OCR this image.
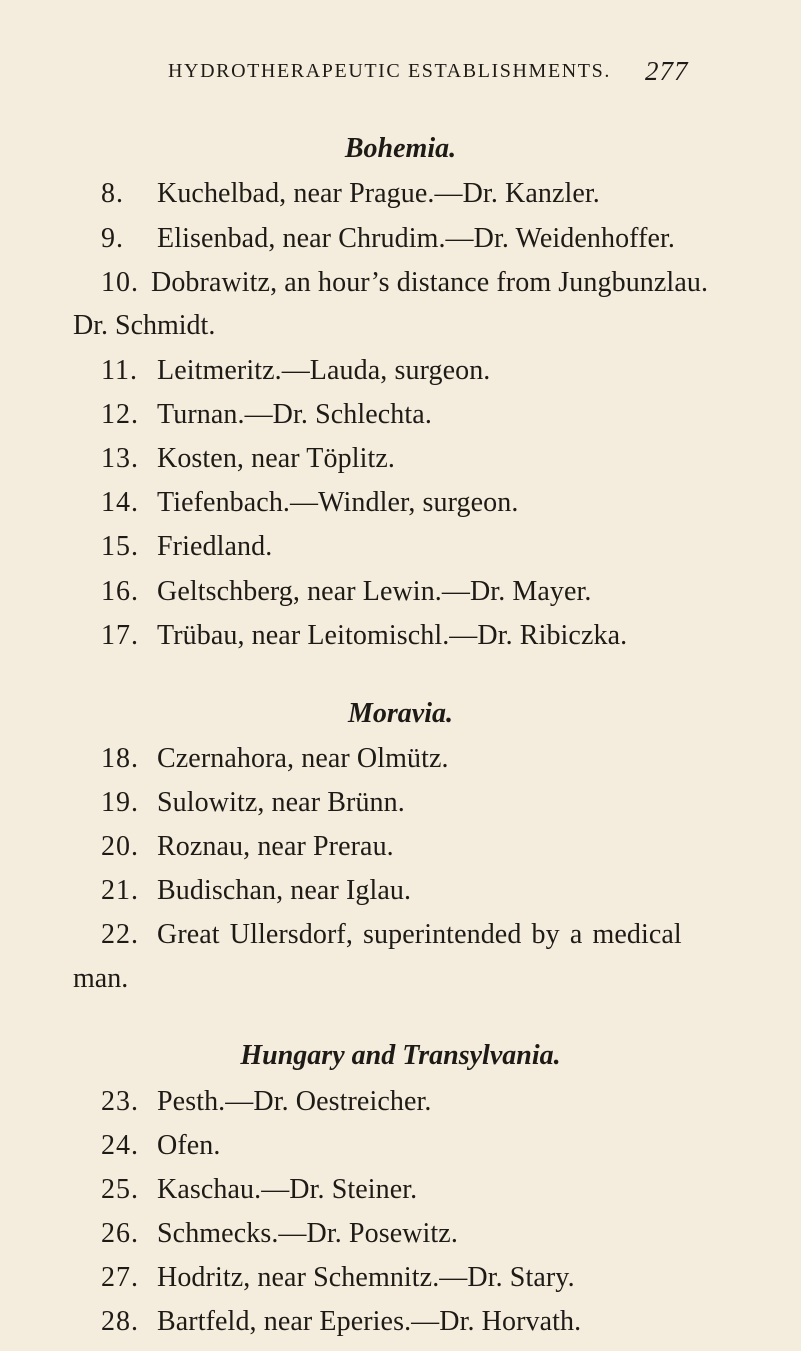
HYDROTHERAPEUTIC ESTABLISHMENTS. 277
Bohemia.
8. Kuchelbad, near Prague.—Dr. Kanzler.
9. Elisenbad, near Chrudim.—Dr. Weidenhoffer.
10. Dobrawitz, an hour’s distance from Jungbunzlau.
Dr. Schmidt.
11. Leitmeritz.—Lauda, surgeon.
12. Turnan.—Dr. Schlechta.
13. Kosten, near Töplitz.
14. Tiefenbach.—Windler, surgeon.
15. Friedland.
16. Geltschberg, near Lewin.—Dr. Mayer.
17. Trübau, near Leitomischl.—Dr. Ribiczka.
Moravia.
18. Czernahora, near Olmütz.
19. Sulowitz, near Brünn.
20. Roznau, near Prerau.
21. Budischan, near Iglau.
22. Great Ullersdorf, superintended by a medical
man.
Hungary and Transylvania.
23. Pesth.—Dr. Oestreicher.
24. Ofen.
25. Kaschau.—Dr. Steiner.
26. Schmecks.—Dr. Posewitz.
27. Hodritz, near Schemnitz.—Dr. Stary.
28. Bartfeld, near Eperies.—Dr. Horvath.
